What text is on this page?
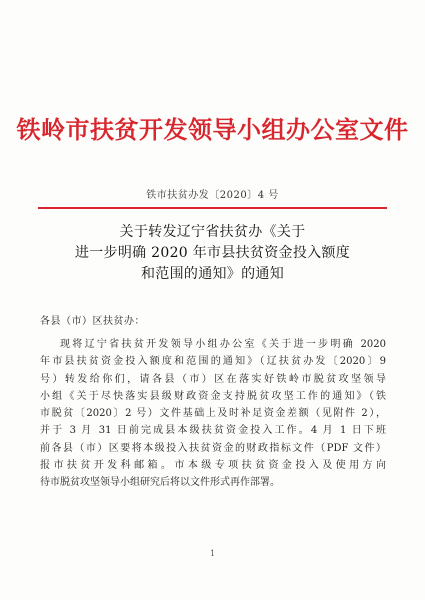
铁岭市扶贫开发领导小组办公室文件
铁市扶贫办发〔2020〕4 号
关于转发辽宁省扶贫办《关于
进一步明确 2020 年市县扶贫资金投入额度
和范围的通知》的通知
各县（市）区扶贫办：
现将辽宁省扶贫开发领导小组办公室《关于进一步明确 2020
年市县扶贫资金投入额度和范围的通知》（辽扶贫办发〔2020〕9
号）转发给你们，请各县（市）区在落实好铁岭市脱贫攻坚领导
小组《关于尽快落实县级财政资金支持脱贫攻坚工作的通知》（铁
市脱贫〔2020〕2 号）文件基础上及时补足资金差额（见附件 2），
并于 3 月 31 日前完成县本级扶贫资金投入工作。4 月 1 日下班
前各县（市）区要将本级投入扶贫资金的财政指标文件（PDF 文件）
报市扶贫开发科邮箱。市本级专项扶贫资金投入及使用方向
待市脱贫攻坚领导小组研究后将以文件形式再作部署。
1
